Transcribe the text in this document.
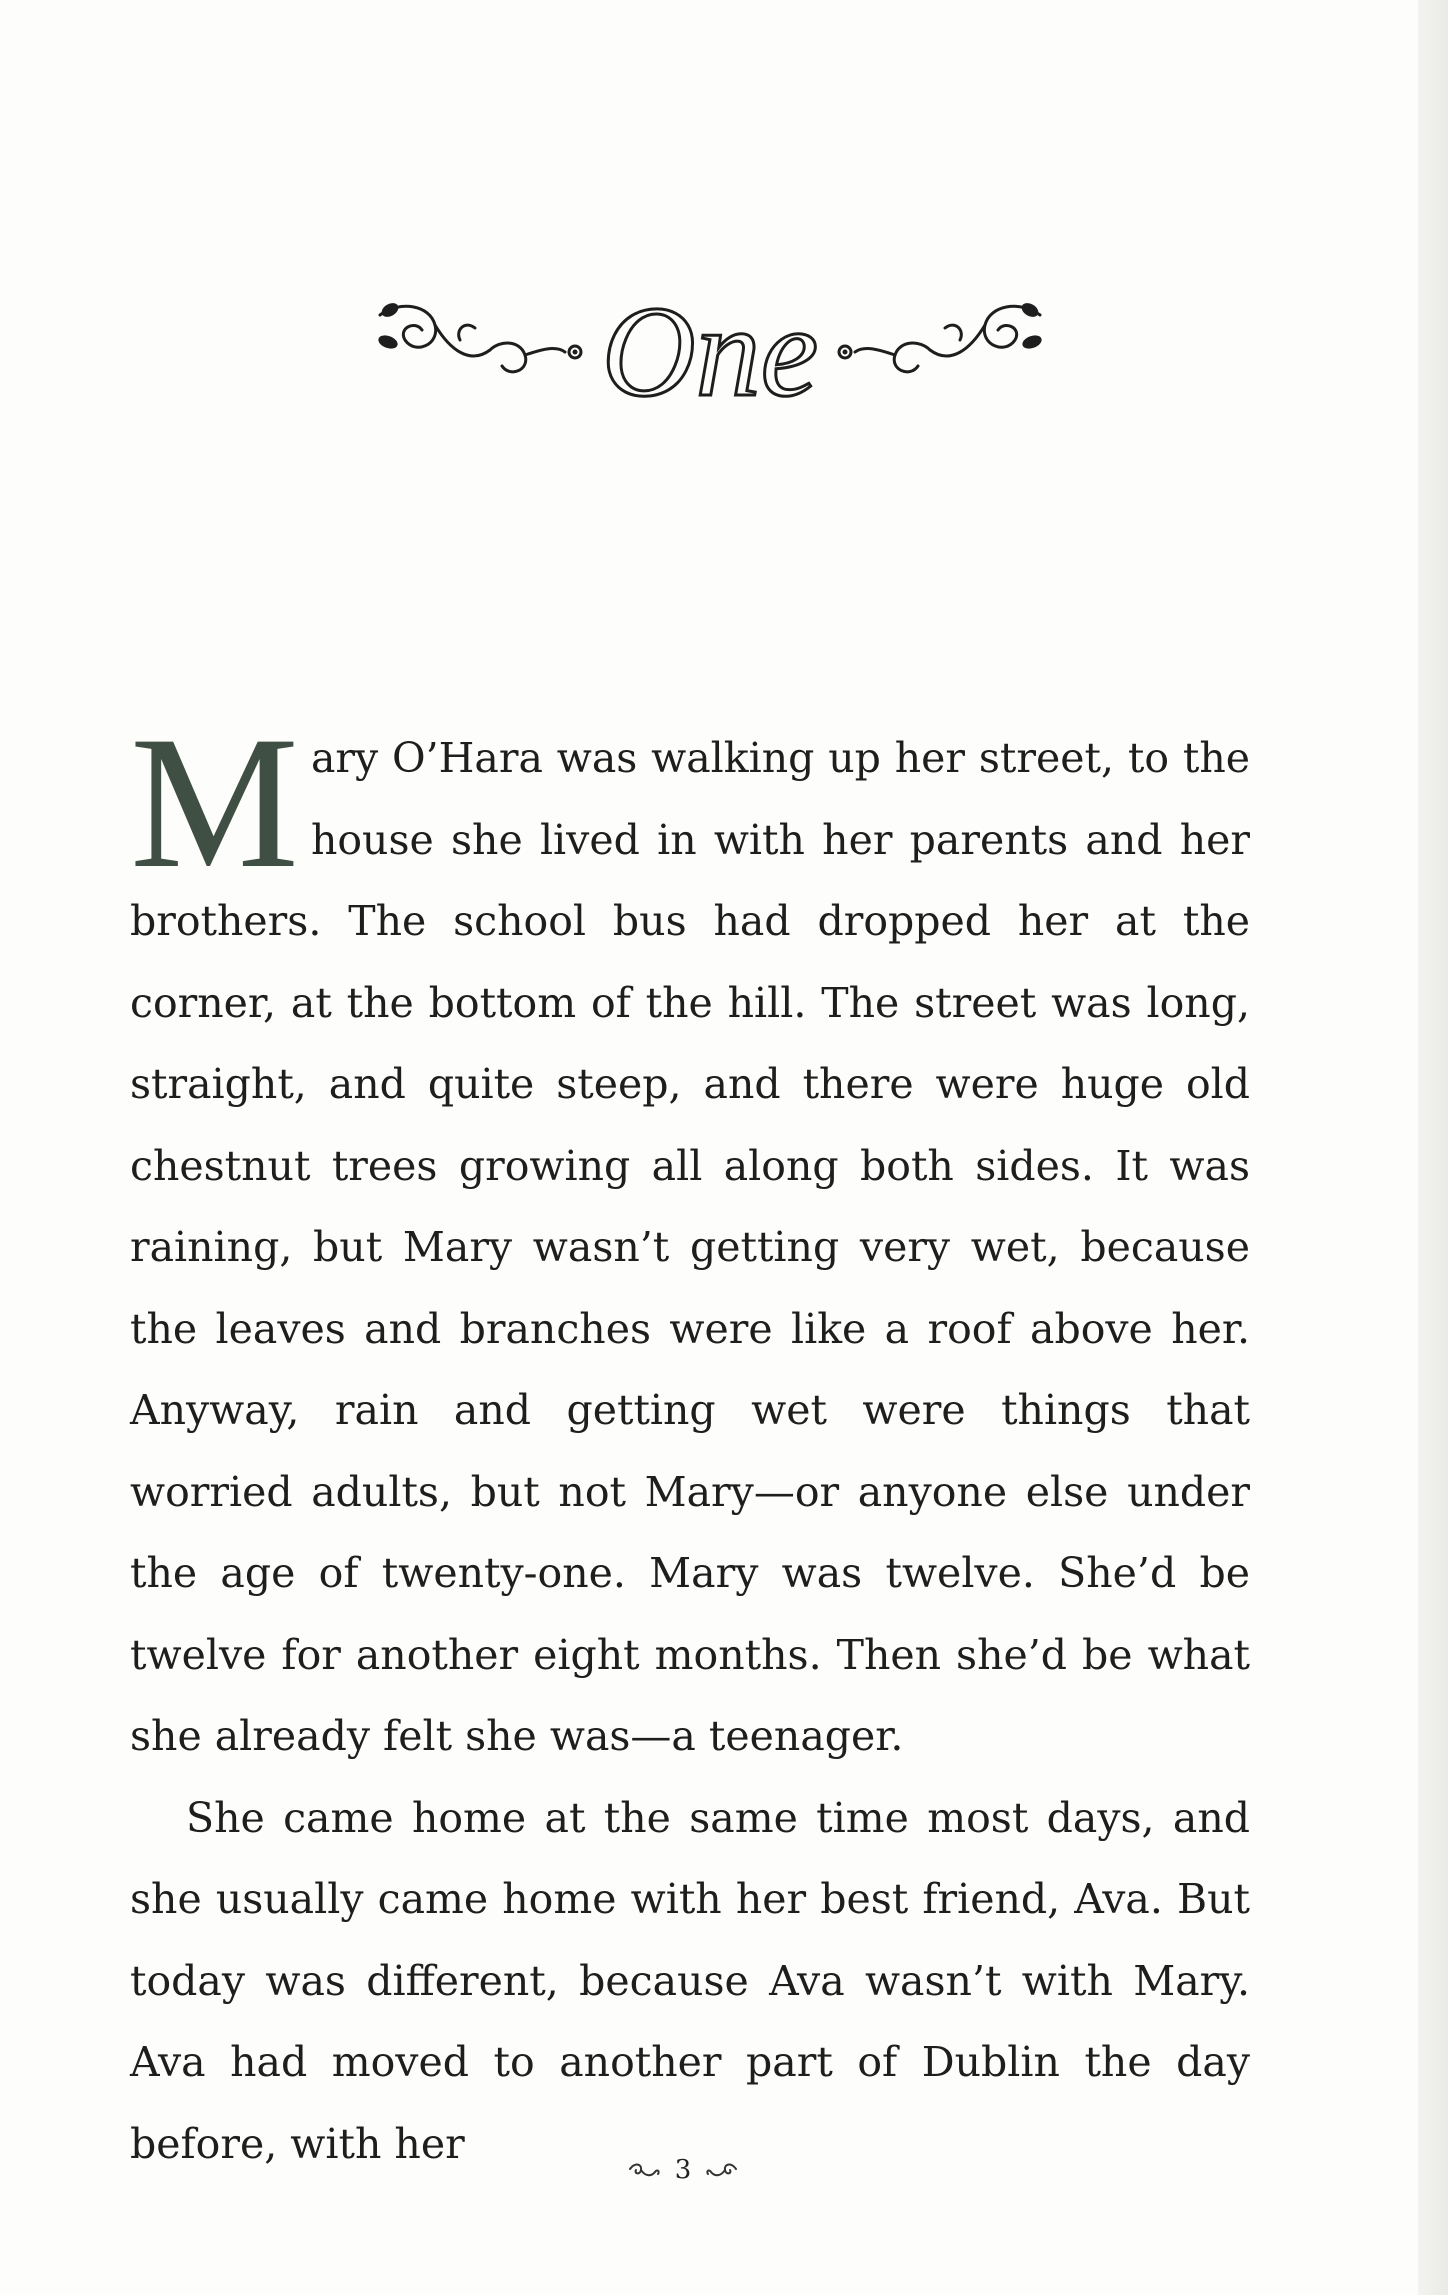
One

Mary O’Hara was walking up her street, to the house she lived in with her parents and her brothers. The school bus had dropped her at the corner, at the bottom of the hill. The street was long, straight, and quite steep, and there were huge old chestnut trees growing all along both sides. It was raining, but Mary wasn’t getting very wet, because the leaves and branches were like a roof above her. Anyway, rain and getting wet were things that worried adults, but not Mary—or anyone else under the age of twenty-one. Mary was twelve. She’d be twelve for another eight months. Then she’d be what she already felt she was—a teenager.

She came home at the same time most days, and she usually came home with her best friend, Ava. But today was different, because Ava wasn’t with Mary. Ava had moved to another part of Dublin the day before, with her

3
